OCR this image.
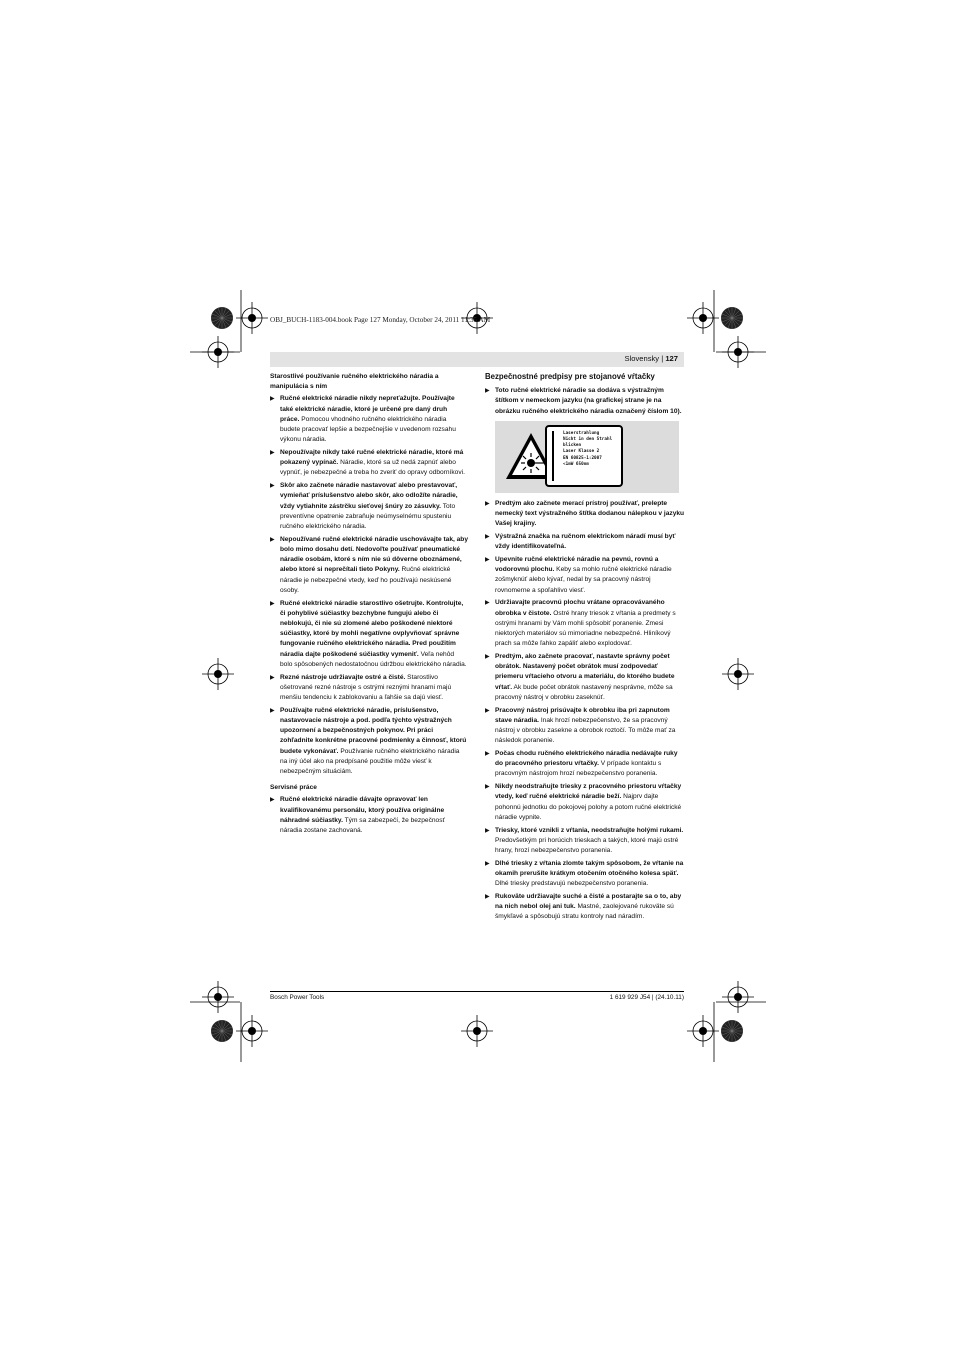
OBJ_BUCH-1183-004.book Page 127 Monday, October 24, 2011 11:35 AM
Slovensky | 127
Starostlivé používanie ručného elektrického náradia a manipulácia s ním
▶ Ručné elektrické náradie nikdy nepreťažujte. Používajte také elektrické náradie, ktoré je určené pre daný druh práce. Pomocou vhodného ručného elektrického náradia budete pracovať lepšie a bezpečnejšie v uvedenom rozsahu výkonu náradia.
▶ Nepoužívajte nikdy také ručné elektrické náradie, ktoré má pokazený vypínač. Náradie, ktoré sa už nedá zapnúť alebo vypnúť, je nebezpečné a treba ho zveriť do opravy odborníkovi.
▶ Skôr ako začnete náradie nastavovať alebo prestavovať, vymieňať príslušenstvo alebo skôr, ako odložíte náradie, vždy vytiahnite zástrčku sieťovej šnúry zo zásuvky. Toto preventívne opatrenie zabraňuje neúmyselnému spusteniu ručného elektrického náradia.
▶ Nepoužívané ručné elektrické náradie uschovávajte tak, aby bolo mimo dosahu detí. Nedovoľte používať pneumatické náradie osobám, ktoré s ním nie sú dôverne oboznámené, alebo ktoré si neprečítali tieto Pokyny. Ručné elektrické náradie je nebezpečné vtedy, keď ho používajú neskúsené osoby.
▶ Ručné elektrické náradie starostlivo ošetrujte. Kontrolujte, či pohyblivé súčiastky bezchybne fungujú alebo či neblokujú, či nie sú zlomené alebo poškodené niektoré súčiastky, ktoré by mohli negatívne ovplyvňovať správne fungovanie ručného elektrického náradia. Pred použitím náradia dajte poškodené súčiastky vymeniť. Veľa nehôd bolo spôsobených nedostatočnou údržbou elektrického náradia.
▶ Rezné nástroje udržiavajte ostré a čisté. Starostlivo ošetrované rezné nástroje s ostrými reznými hranami majú menšiu tendenciu k zablokovaniu a ľahšie sa dajú viesť.
▶ Používajte ručné elektrické náradie, príslušenstvo, nastavovacie nástroje a pod. podľa týchto výstražných upozornení a bezpečnostných pokynov. Pri práci zohľadnite konkrétne pracovné podmienky a činnosť, ktorú budete vykonávať. Používanie ručného elektrického náradia na iný účel ako na predpísané použitie môže viesť k nebezpečným situáciám.
Servisné práce
▶ Ručné elektrické náradie dávajte opravovať len kvalifikovanému personálu, ktorý používa originálne náhradné súčiastky. Tým sa zabezpečí, že bezpečnosť náradia zostane zachovaná.
Bezpečnostné predpisy pre stojanové vŕtačky
▶ Toto ručné elektrické náradie sa dodáva s výstražným štítkom v nemeckom jazyku (na grafickej strane je na obrázku ručného elektrického náradia označený číslom 10).
Laserstrahlung
Nicht in den Strahl
blicken
Laser Klasse 2
EN 60825-1:2007
<1mW 650nm
▶ Predtým ako začnete merací prístroj používať, prelepte nemecký text výstražného štítka dodanou nálepkou v jazyku Vašej krajiny.
▶ Výstražná značka na ručnom elektrickom náradí musí byť vždy identifikovateľná.
▶ Upevnite ručné elektrické náradie na pevnú, rovnú a vodorovnú plochu. Keby sa mohlo ručné elektrické náradie zošmyknúť alebo kývať, nedal by sa pracovný nástroj rovnomerne a spoľahlivo viesť.
▶ Udržiavajte pracovnú plochu vrátane opracovávaného obrobka v čistote. Ostré hrany triesok z vŕtania a predmety s ostrými hranami by Vám mohli spôsobiť poranenie. Zmesi niektorých materiálov sú mimoriadne nebezpečné. Hliníkový prach sa môže ľahko zapáliť alebo explodovať.
▶ Predtým, ako začnete pracovať, nastavte správny počet obrátok. Nastavený počet obrátok musí zodpovedať priemeru vŕtacieho otvoru a materiálu, do ktorého budete vŕtať. Ak bude počet obrátok nastavený nesprávne, môže sa pracovný nástroj v obrobku zaseknúť.
▶ Pracovný nástroj prisúvajte k obrobku iba pri zapnutom stave náradia. Inak hrozí nebezpečenstvo, že sa pracovný nástroj v obrobku zasekne a obrobok roztočí. To môže mať za následok poranenie.
▶ Počas chodu ručného elektrického náradia nedávajte ruky do pracovného priestoru vŕtačky. V prípade kontaktu s pracovným nástrojom hrozí nebezpečenstvo poranenia.
▶ Nikdy neodstraňujte triesky z pracovného priestoru vŕtačky vtedy, keď ručné elektrické náradie beží. Najprv dajte pohonnú jednotku do pokojovej polohy a potom ručné elektrické náradie vypnite.
▶ Triesky, ktoré vznikli z vŕtania, neodstraňujte holými rukami. Predovšetkým pri horúcich trieskach a takých, ktoré majú ostré hrany, hrozí nebezpečenstvo poranenia.
▶ Dlhé triesky z vŕtania zlomte takým spôsobom, že vŕtanie na okamih prerušíte krátkym otočením otočného kolesa späť. Dlhé triesky predstavujú nebezpečenstvo poranenia.
▶ Rukoväte udržiavajte suché a čisté a postarajte sa o to, aby na nich nebol olej ani tuk. Mastné, zaolejované rukoväte sú šmykľavé a spôsobujú stratu kontroly nad náradím.
Bosch Power Tools	1 619 929 J54 | (24.10.11)
